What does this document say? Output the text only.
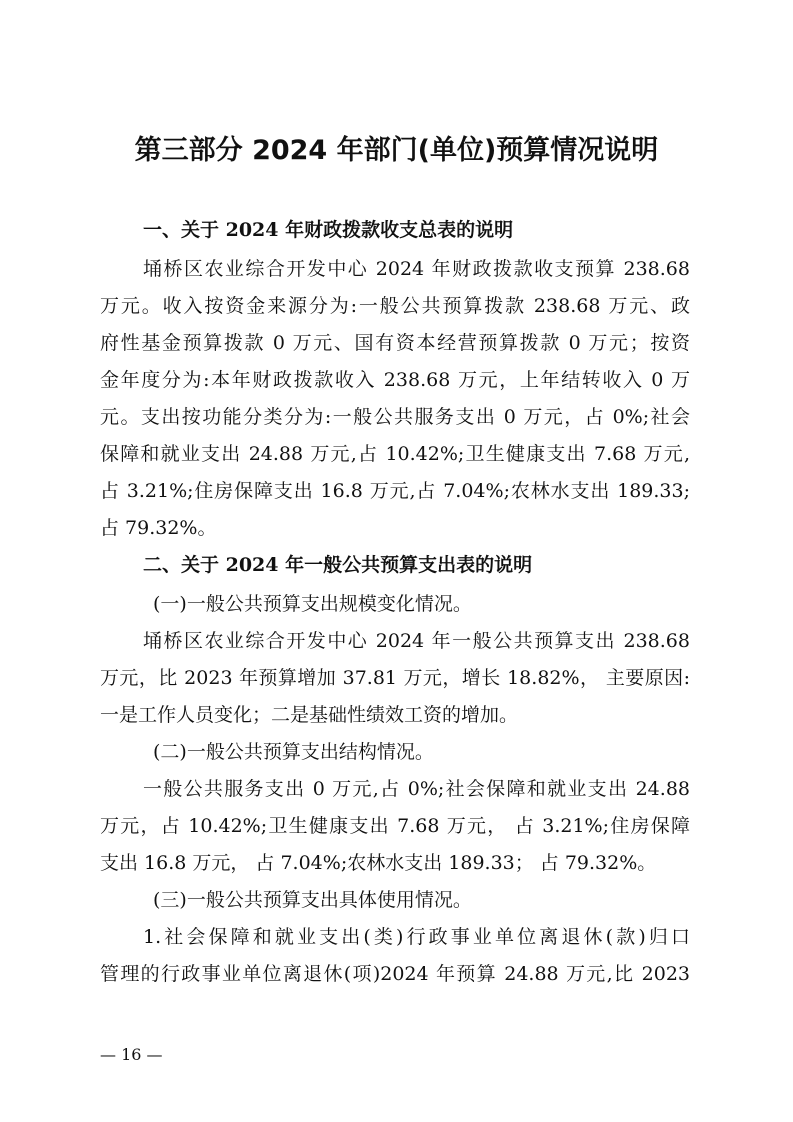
第三部分 2024 年部门(单位)预算情况说明
一、关于 2024 年财政拨款收支总表的说明
埇桥区农业综合开发中心 2024 年财政拨款收支预算 238.68
万元。收入按资金来源分为:一般公共预算拨款 238.68 万元、政
府性基金预算拨款 0 万元、国有资本经营预算拨款 0 万元；按资
金年度分为:本年财政拨款收入 238.68 万元，上年结转收入 0 万
元。支出按功能分类分为:一般公共服务支出 0 万元，占 0%;社会
保障和就业支出 24.88 万元,占 10.42%;卫生健康支出 7.68 万元,
占 3.21%;住房保障支出 16.8 万元,占 7.04%;农林水支出 189.33;
占 79.32%。
二、关于 2024 年一般公共预算支出表的说明
(一)一般公共预算支出规模变化情况。
埇桥区农业综合开发中心 2024 年一般公共预算支出 238.68
万元，比 2023 年预算增加 37.81 万元，增长 18.82%， 主要原因:
一是工作人员变化；二是基础性绩效工资的增加。
(二)一般公共预算支出结构情况。
一般公共服务支出 0 万元,占 0%;社会保障和就业支出 24.88
万元，占 10.42%;卫生健康支出 7.68 万元， 占 3.21%;住房保障
支出 16.8 万元， 占 7.04%;农林水支出 189.33； 占 79.32%。
(三)一般公共预算支出具体使用情况。
1.社会保障和就业支出(类)行政事业单位离退休(款)归口
管理的行政事业单位离退休(项)2024 年预算 24.88 万元,比 2023
— 16 —
